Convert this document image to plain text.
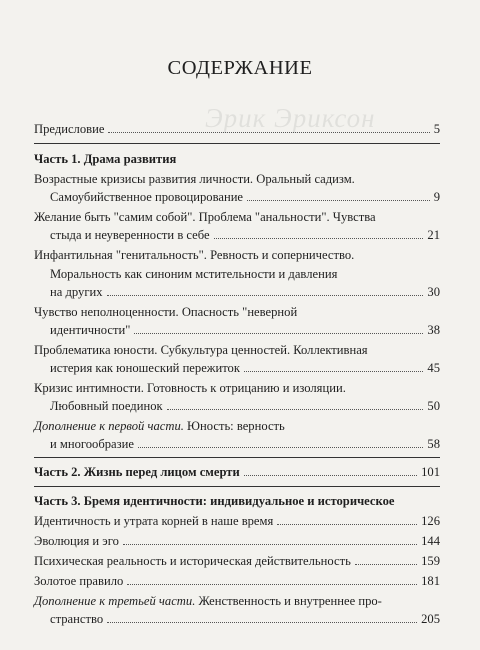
Эрик Эриксон
СОДЕРЖАНИЕ
Предисловие	5
Часть 1. Драма развития
Возрастные кризисы развития личности. Оральный садизм.
Самоубийственное провоцирование	9
Желание быть "самим собой". Проблема "анальности". Чувства
стыда и неуверенности в себе	21
Инфантильная "генитальность". Ревность и соперничество.
Моральность как синоним мстительности и давления
на других	30
Чувство неполноценности. Опасность "неверной
идентичности"	38
Проблематика юности. Субкультура ценностей. Коллективная
истерия как юношеский пережиток	45
Кризис интимности. Готовность к отрицанию и изоляции.
Любовный поединок	50
Дополнение к первой части. Юность: верность
и многообразие	58
Часть 2. Жизнь перед лицом смерти	101
Часть 3. Бремя идентичности: индивидуальное и историческое
Идентичность и утрата корней в наше время	126
Эволюция и эго	144
Психическая реальность и историческая действительность	159
Золотое правило	181
Дополнение к третьей части. Женственность и внутреннее про-
странство	205
